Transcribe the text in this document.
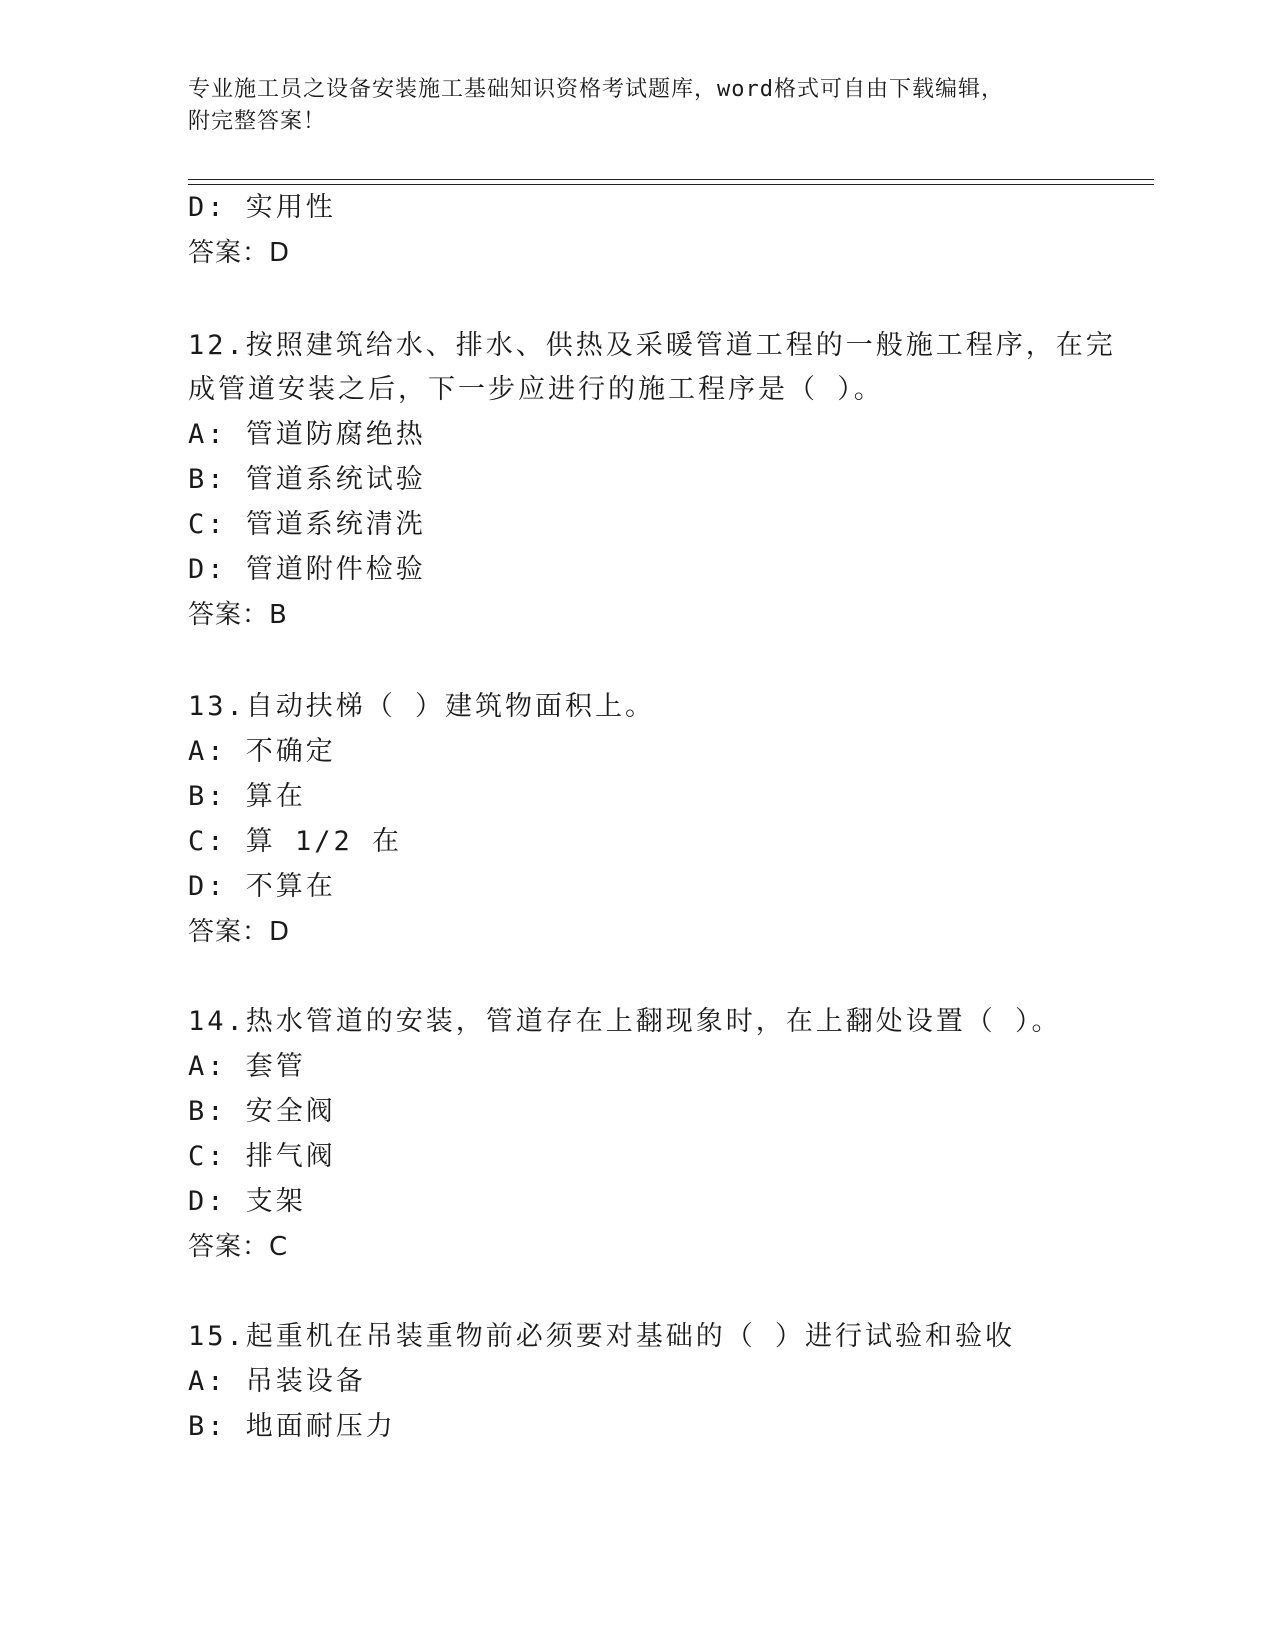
专业施工员之设备安装施工基础知识资格考试题库，word格式可自由下载编辑，
附完整答案！
D: 实用性
答案：D
12.按照建筑给水、排水、供热及采暖管道工程的一般施工程序，在完
成管道安装之后，下一步应进行的施工程序是（ ）。
A: 管道防腐绝热
B: 管道系统试验
C: 管道系统清洗
D: 管道附件检验
答案：B
13.自动扶梯（ ）建筑物面积上。
A: 不确定
B: 算在
C: 算 1/2 在
D: 不算在
答案：D
14.热水管道的安装，管道存在上翻现象时，在上翻处设置（ ）。
A: 套管
B: 安全阀
C: 排气阀
D: 支架
答案：C
15.起重机在吊装重物前必须要对基础的（ ）进行试验和验收
A: 吊装设备
B: 地面耐压力
